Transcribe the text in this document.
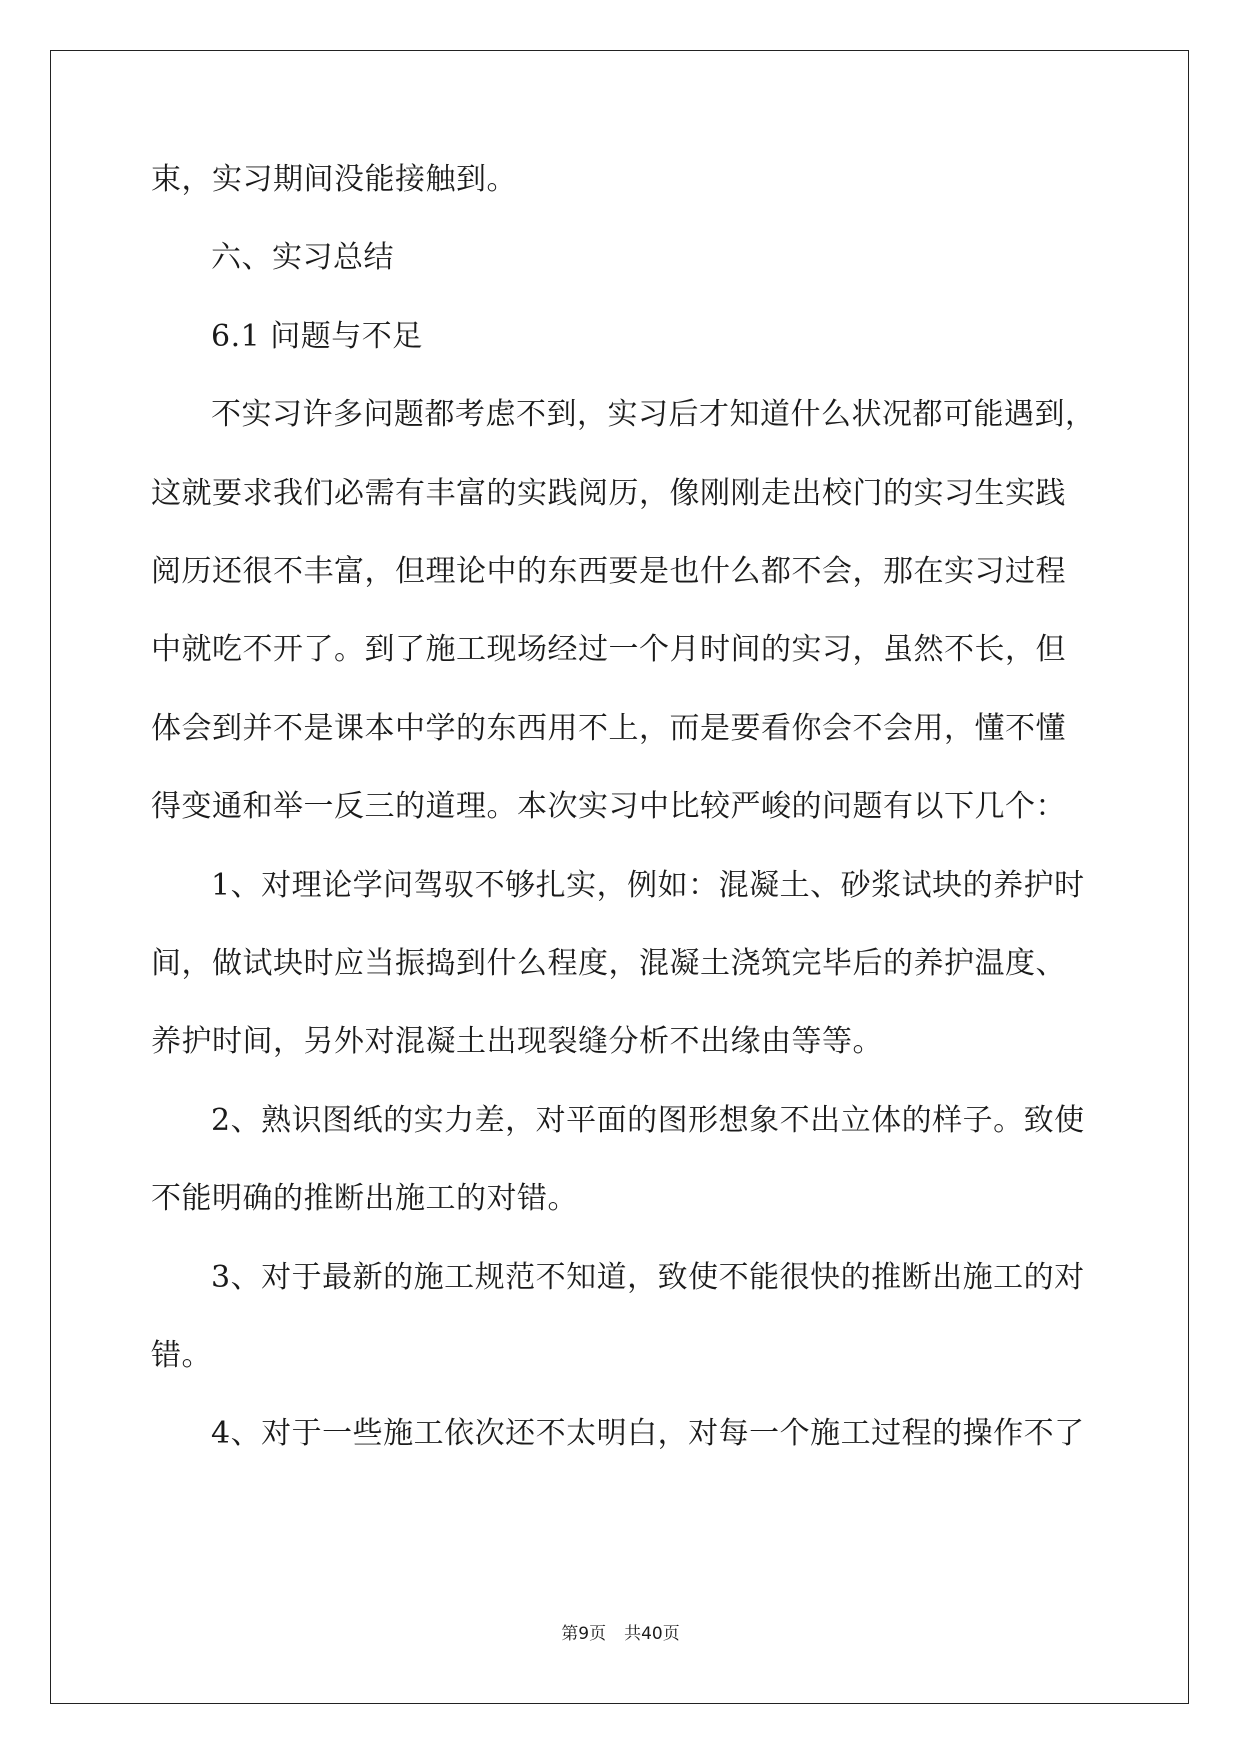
束，实习期间没能接触到。
六、实习总结
6.1 问题与不足
不实习许多问题都考虑不到，实习后才知道什么状况都可能遇到，
这就要求我们必需有丰富的实践阅历，像刚刚走出校门的实习生实践
阅历还很不丰富，但理论中的东西要是也什么都不会，那在实习过程
中就吃不开了。到了施工现场经过一个月时间的实习，虽然不长，但
体会到并不是课本中学的东西用不上，而是要看你会不会用，懂不懂
得变通和举一反三的道理。本次实习中比较严峻的问题有以下几个：
1、对理论学问驾驭不够扎实，例如：混凝土、砂浆试块的养护时
间，做试块时应当振捣到什么程度，混凝土浇筑完毕后的养护温度、
养护时间，另外对混凝土出现裂缝分析不出缘由等等。
2、熟识图纸的实力差，对平面的图形想象不出立体的样子。致使
不能明确的推断出施工的对错。
3、对于最新的施工规范不知道，致使不能很快的推断出施工的对
错。
4、对于一些施工依次还不太明白，对每一个施工过程的操作不了
第9页 共40页
